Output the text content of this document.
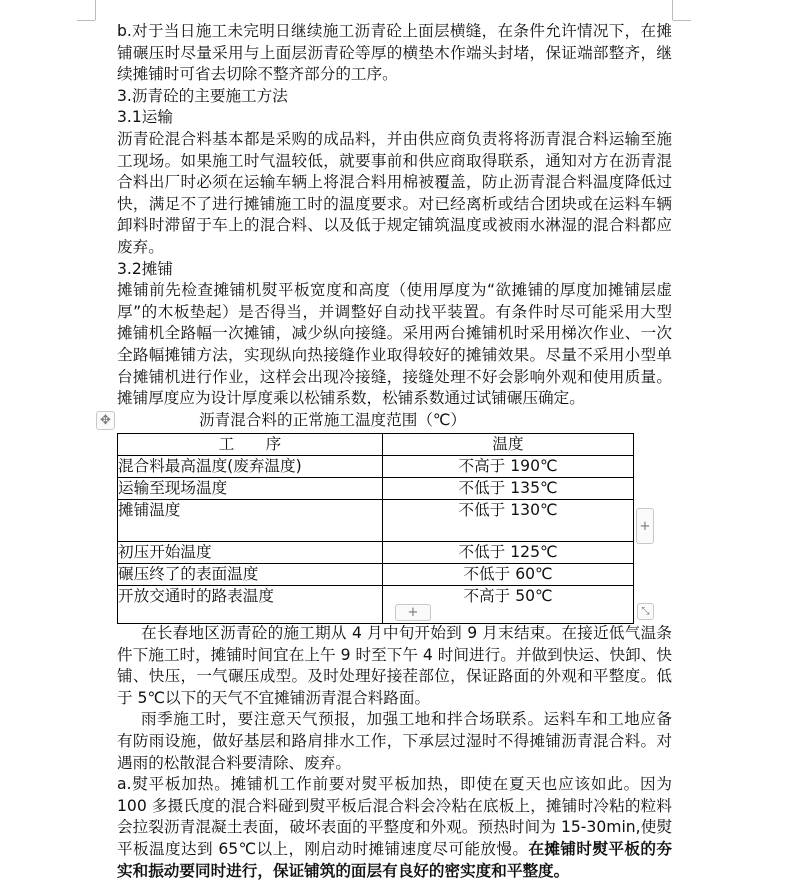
b.对于当日施工未完明日继续施工沥青砼上面层横缝，在条件允许情况下，在摊
铺碾压时尽量采用与上面层沥青砼等厚的横垫木作端头封堵，保证端部整齐，继
续摊铺时可省去切除不整齐部分的工序。
3.沥青砼的主要施工方法
3.1运输
沥青砼混合料基本都是采购的成品料，并由供应商负责将将沥青混合料运输至施
工现场。如果施工时气温较低，就要事前和供应商取得联系，通知对方在沥青混
合料出厂时必须在运输车辆上将混合料用棉被覆盖，防止沥青混合料温度降低过
快，满足不了进行摊铺施工时的温度要求。对已经离析或结合团块或在运料车辆
卸料时滞留于车上的混合料、以及低于规定铺筑温度或被雨水淋湿的混合料都应
废弃。
3.2摊铺
摊铺前先检查摊铺机熨平板宽度和高度（使用厚度为“欲摊铺的厚度加摊铺层虚
厚”的木板垫起）是否得当，并调整好自动找平装置。有条件时尽可能采用大型
摊铺机全路幅一次摊铺，减少纵向接缝。采用两台摊铺机时采用梯次作业、一次
全路幅摊铺方法，实现纵向热接缝作业取得较好的摊铺效果。尽量不采用小型单
台摊铺机进行作业，这样会出现冷接缝，接缝处理不好会影响外观和使用质量。
摊铺厚度应为设计厚度乘以松铺系数，松铺系数通过试铺碾压确定。
沥青混合料的正常施工温度范围（℃）
工　　序	温度
混合料最高温度(废弃温度)	不高于 190℃
运输至现场温度	不低于 135℃
摊铺温度	不低于 130℃
初压开始温度	不低于 125℃
碾压终了的表面温度	不低于 60℃
开放交通时的路表温度	不高于 50℃
在长春地区沥青砼的施工期从 4 月中旬开始到 9 月末结束。在接近低气温条
件下施工时，摊铺时间宜在上午 9 时至下午 4 时间进行。并做到快运、快卸、快
铺、快压，一气碾压成型。及时处理好接茬部位，保证路面的外观和平整度。低
于 5℃以下的天气不宜摊铺沥青混合料路面。
雨季施工时，要注意天气预报，加强工地和拌合场联系。运料车和工地应备
有防雨设施，做好基层和路肩排水工作，下承层过湿时不得摊铺沥青混合料。对
遇雨的松散混合料要清除、废弃。
a.熨平板加热。摊铺机工作前要对熨平板加热，即使在夏天也应该如此。因为
100 多摄氏度的混合料碰到熨平板后混合料会冷粘在底板上，摊铺时冷粘的粒料
会拉裂沥青混凝土表面，破坏表面的平整度和外观。预热时间为 15-30min,使熨
平板温度达到 65℃以上，刚启动时摊铺速度尽可能放慢。在摊铺时熨平板的夯
实和振动要同时进行，保证铺筑的面层有良好的密实度和平整度。
✥
+
+	⤡
